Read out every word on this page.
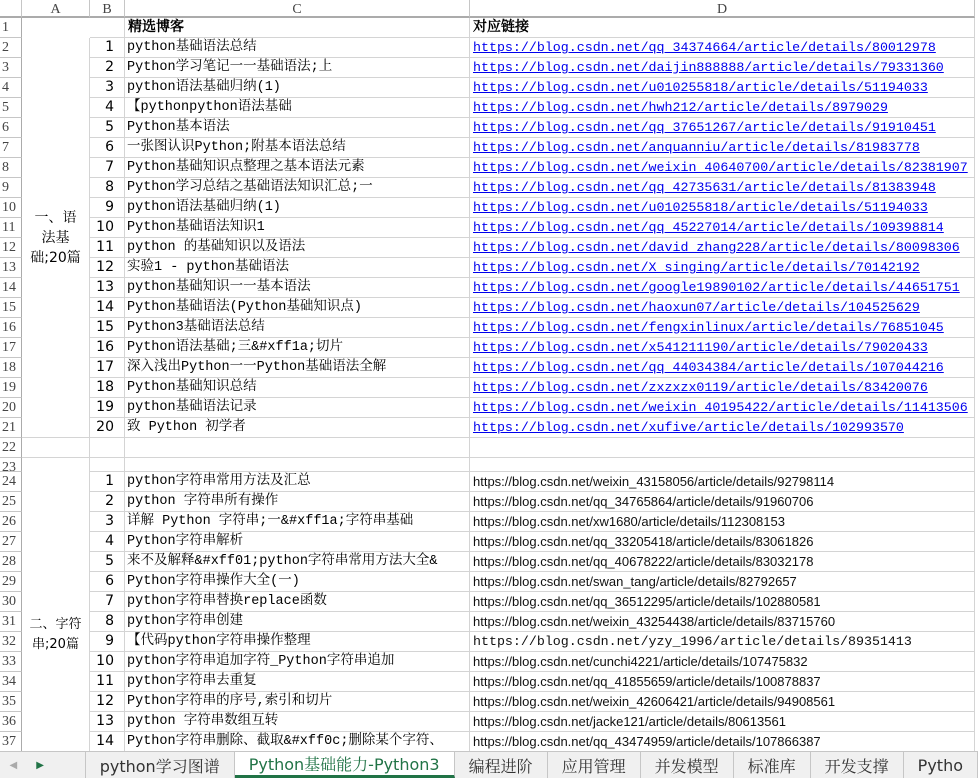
A	B	C	D
1
2
3
4
5
6
7
8
9
10
11
12
13
14
15
16
17
18
19
20
21
22
23
24
25
26
27
28
29
30
31
32
33
34
35
36
37
精选博客	对应链接
一、语法基础;20篇
1 python基础语法总结	https://blog.csdn.net/qq_34374664/article/details/80012978
2 Python学习笔记一一基础语法;上	https://blog.csdn.net/daijin888888/article/details/79331360
3 python语法基础归纳(1)	https://blog.csdn.net/u010255818/article/details/51194033
4 【pythonpython语法基础	https://blog.csdn.net/hwh212/article/details/8979029
5 Python基本语法	https://blog.csdn.net/qq_37651267/article/details/91910451
6 一张图认识Python;附基本语法总结	https://blog.csdn.net/anquanniu/article/details/81983778
7 Python基础知识点整理之基本语法元素	https://blog.csdn.net/weixin_40640700/article/details/82381907
8 Python学习总结之基础语法知识汇总;一	https://blog.csdn.net/qq_42735631/article/details/81383948
9 python语法基础归纳(1)	https://blog.csdn.net/u010255818/article/details/51194033
10 Python基础语法知识1	https://blog.csdn.net/qq_45227014/article/details/109398814
11 python 的基础知识以及语法	https://blog.csdn.net/david_zhang228/article/details/80098306
12 实验1 - python基础语法	https://blog.csdn.net/X_singing/article/details/70142192
13 python基础知识一一基本语法	https://blog.csdn.net/google19890102/article/details/44651751
14 Python基础语法(Python基础知识点)	https://blog.csdn.net/haoxun07/article/details/104525629
15 Python3基础语法总结	https://blog.csdn.net/fengxinlinux/article/details/76851045
16 Python语法基础;三&#xff1a;切片	https://blog.csdn.net/x541211190/article/details/79020433
17 深入浅出Python一一Python基础语法全解	https://blog.csdn.net/qq_44034384/article/details/107044216
18 Python基础知识总结	https://blog.csdn.net/zxzxzx0119/article/details/83420076
19 python基础语法记录	https://blog.csdn.net/weixin_40195422/article/details/11413506
20 致 Python 初学者	https://blog.csdn.net/xufive/article/details/102993570
二、字符串;20篇
1 python字符串常用方法及汇总	https://blog.csdn.net/weixin_43158056/article/details/92798114
2 python 字符串所有操作	https://blog.csdn.net/qq_34765864/article/details/91960706
3 详解 Python 字符串;一&#xff1a;字符串基础	https://blog.csdn.net/xw1680/article/details/112308153
4 Python字符串解析	https://blog.csdn.net/qq_33205418/article/details/83061826
5 来不及解释&#xff01;python字符串常用方法大全&	https://blog.csdn.net/qq_40678222/article/details/83032178
6 Python字符串操作大全(一)	https://blog.csdn.net/swan_tang/article/details/82792657
7 python字符串替换replace函数	https://blog.csdn.net/qq_36512295/article/details/102880581
8 python字符串创建	https://blog.csdn.net/weixin_43254438/article/details/83715760
9 【代码python字符串操作整理	https://blog.csdn.net/yzy_1996/article/details/89351413
10 python字符串追加字符_Python字符串追加	https://blog.csdn.net/cunchi4221/article/details/107475832
11 python字符串去重复	https://blog.csdn.net/qq_41855659/article/details/100878837
12 Python字符串的序号,索引和切片	https://blog.csdn.net/weixin_42606421/article/details/94908561
13 python 字符串数组互转	https://blog.csdn.net/jacke121/article/details/80613561
14 Python字符串删除、截取&#xff0c;删除某个字符、	https://blog.csdn.net/qq_43474959/article/details/107866387
◀	▶	python学习图谱	Python基础能力-Python3	编程进阶	应用管理	并发模型	标准库	开发支撑	Pytho
